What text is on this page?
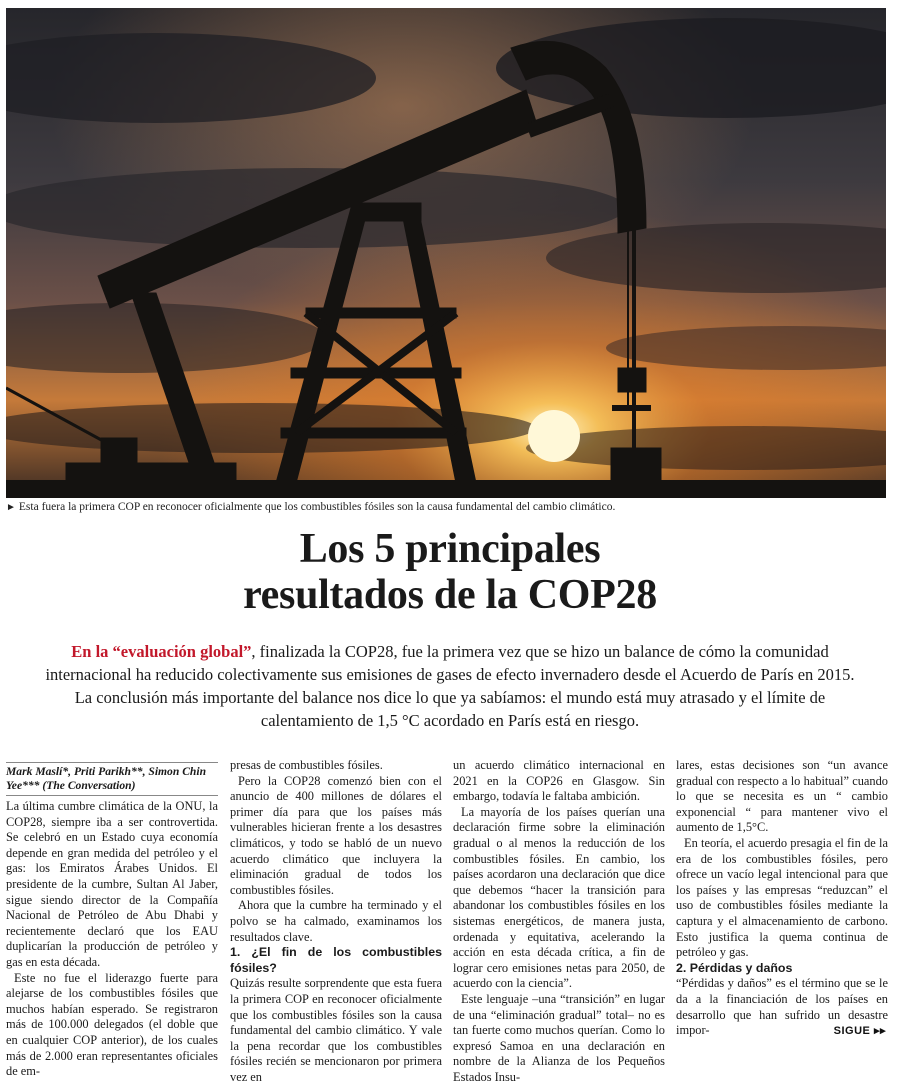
► Esta fuera la primera COP en reconocer oficialmente que los combustibles fósiles son la causa fundamental del cambio climático.
Los 5 principales
resultados de la COP28
En la “evaluación global”, finalizada la COP28, fue la primera vez que se hizo un balance de cómo la comunidad internacional ha reducido colectivamente sus emisiones de gases de efecto invernadero desde el Acuerdo de París en 2015. La conclusión más importante del balance nos dice lo que ya sabíamos: el mundo está muy atrasado y el límite de calentamiento de 1,5 °C acordado en París está en riesgo.
Mark Maslí*, Priti Parikh**, Simon Chin Yee*** (The Conversation)

La última cumbre climática de la ONU, la COP28, siempre iba a ser controvertida. Se celebró en un Estado cuya economía depende en gran medida del petróleo y el gas: los Emiratos Árabes Unidos. El presidente de la cumbre, Sultan Al Jaber, sigue siendo director de la Compañía Nacional de Petróleo de Abu Dhabi y recientemente declaró que los EAU duplicarían la producción de petróleo y gas en esta década.

Este no fue el liderazgo fuerte para alejarse de los combustibles fósiles que muchos habían esperado. Se registraron más de 100.000 delegados (el doble que en cualquier COP anterior), de los cuales más de 2.000 eran representantes oficiales de em-

presas de combustibles fósiles.

Pero la COP28 comenzó bien con el anuncio de 400 millones de dólares el primer día para que los países más vulnerables hicieran frente a los desastres climáticos, y todo se habló de un nuevo acuerdo climático que incluyera la eliminación gradual de todos los combustibles fósiles.

Ahora que la cumbre ha terminado y el polvo se ha calmado, examinamos los resultados clave.

1. ¿El fin de los combustibles fósiles?

Quizás resulte sorprendente que esta fuera la primera COP en reconocer oficialmente que los combustibles fósiles son la causa fundamental del cambio climático. Y vale la pena recordar que los combustibles fósiles recién se mencionaron por primera vez en

un acuerdo climático internacional en 2021 en la COP26 en Glasgow. Sin embargo, todavía le faltaba ambición.

La mayoría de los países querían una declaración firme sobre la eliminación gradual o al menos la reducción de los combustibles fósiles. En cambio, los países acordaron una declaración que dice que debemos “hacer la transición para abandonar los combustibles fósiles en los sistemas energéticos, de manera justa, ordenada y equitativa, acelerando la acción en esta década crítica, a fin de lograr cero emisiones netas para 2050, de acuerdo con la ciencia”.

Este lenguaje –una “transición” en lugar de una “eliminación gradual” total– no es tan fuerte como muchos querían. Como lo expresó Samoa en una declaración en nombre de la Alianza de los Pequeños Estados Insu-

lares, estas decisiones son “un avance gradual con respecto a lo habitual” cuando lo que se necesita es un “ cambio exponencial “ para mantener vivo el aumento de 1,5°C.

En teoría, el acuerdo presagia el fin de la era de los combustibles fósiles, pero ofrece un vacío legal intencional para que los países y las empresas “reduzcan” el uso de combustibles fósiles mediante la captura y el almacenamiento de carbono. Esto justifica la quema continua de petróleo y gas.

2. Pérdidas y daños

“Pérdidas y daños” es el término que se le da a la financiación de los países en desarrollo que han sufrido un desastre impor-	SIGUE ▸▸
